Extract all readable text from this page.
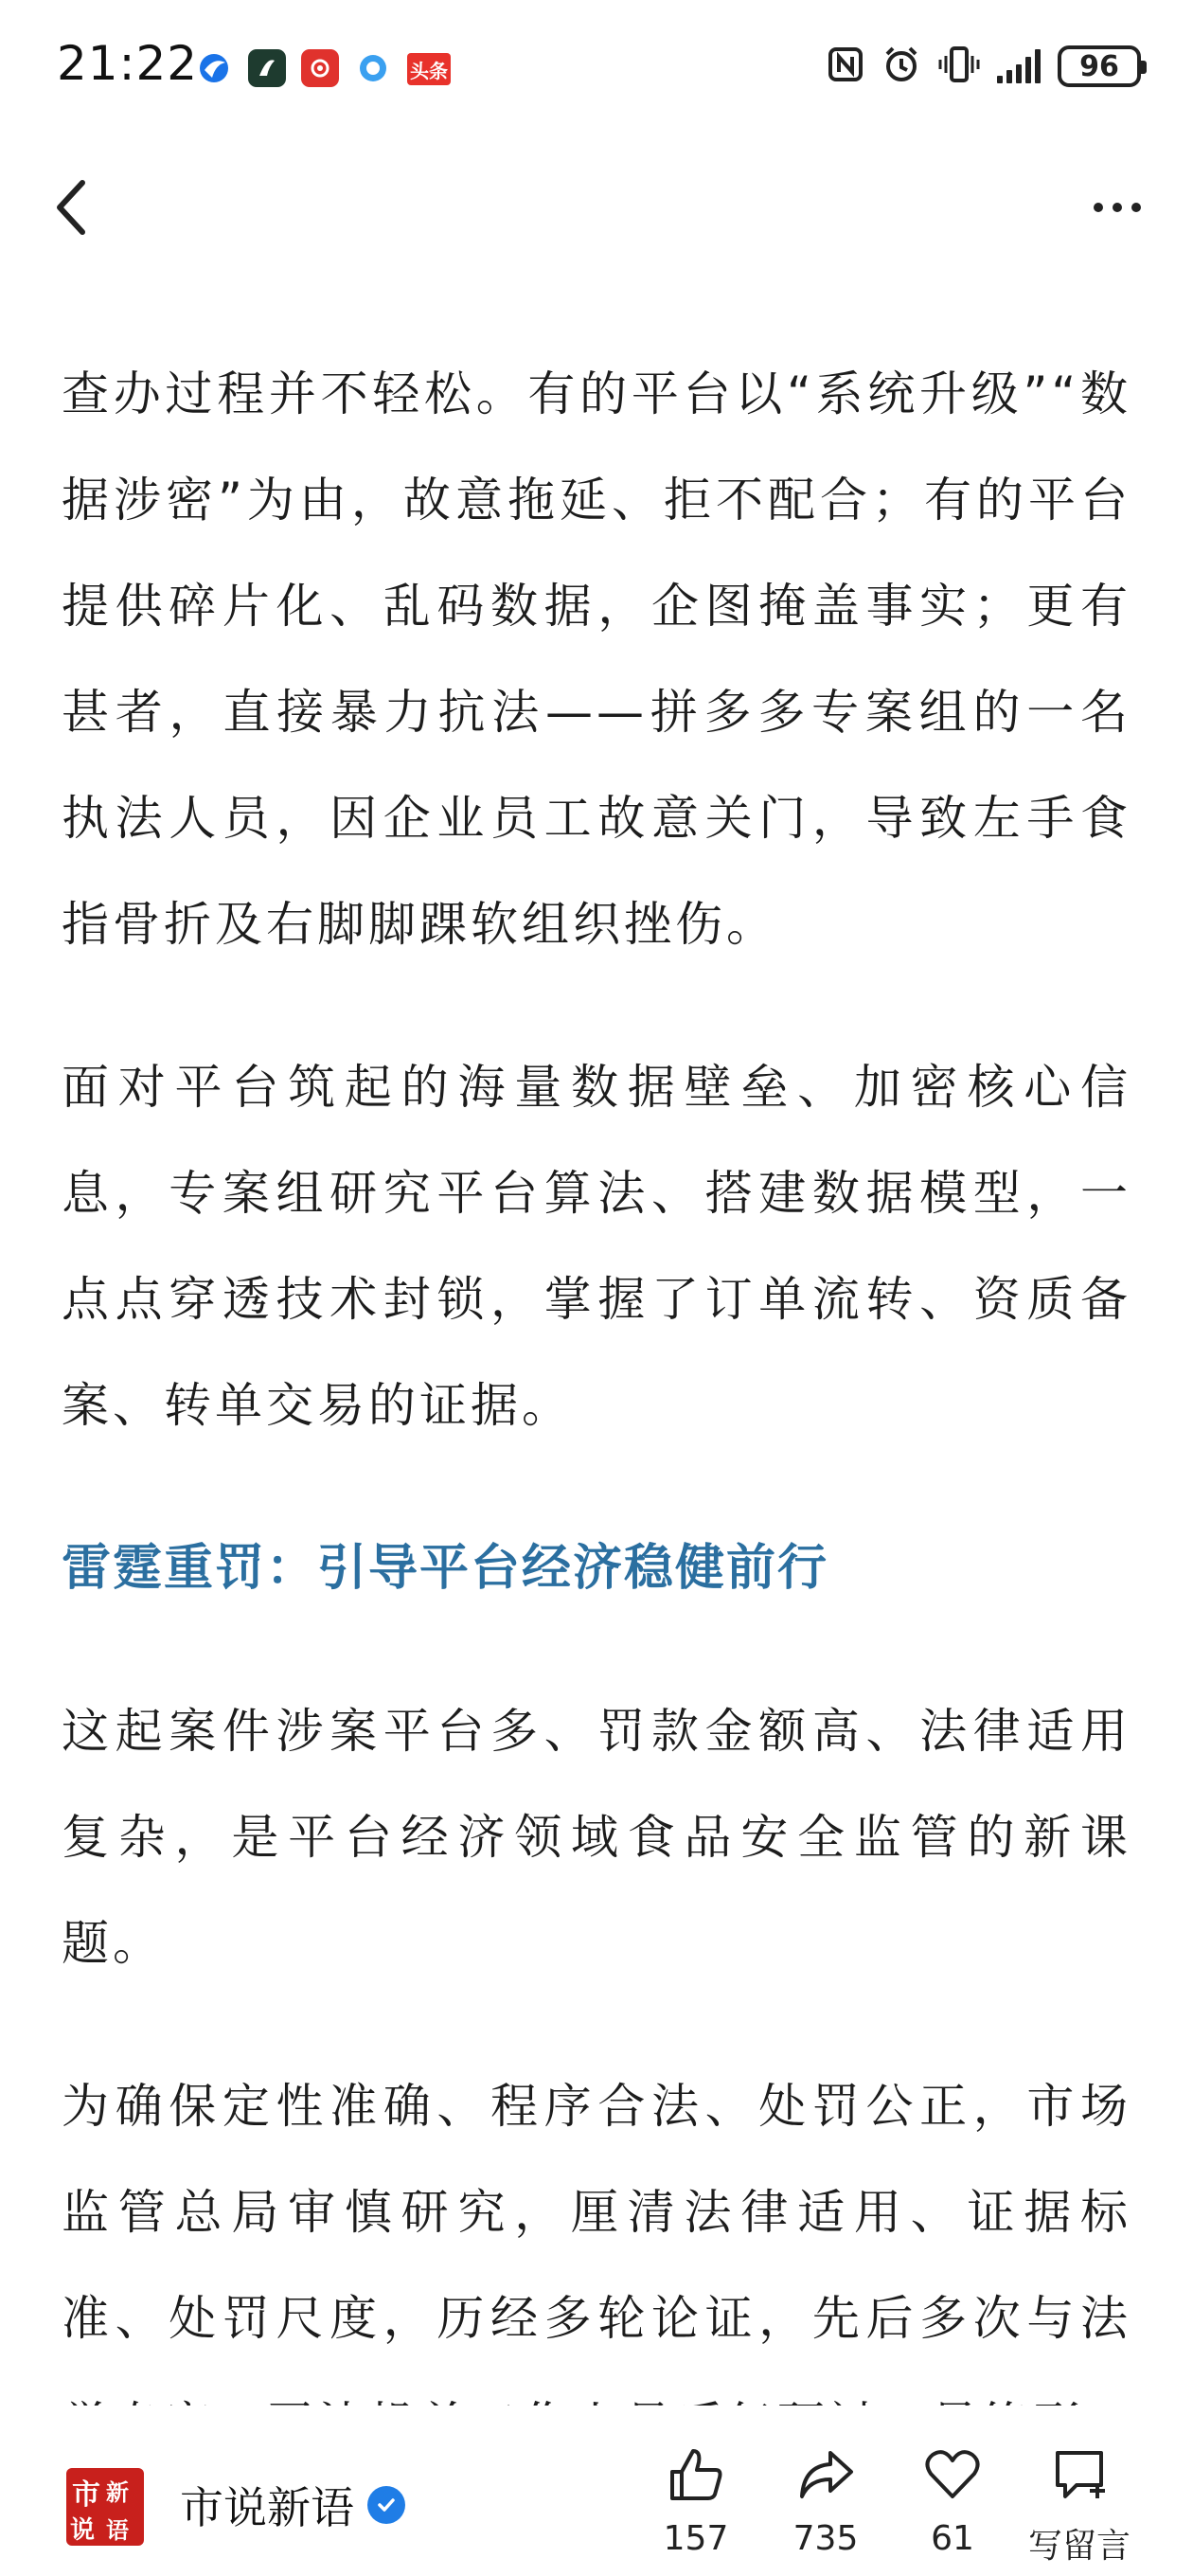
21:22	头条	96

查办过程并不轻松。有的平台以“系统升级”“数据涉密”为由，故意拖延、拒不配合；有的平台提供碎片化、乱码数据，企图掩盖事实；更有甚者，直接暴力抗法——拼多多专案组的一名执法人员，因企业员工故意关门，导致左手食指骨折及右脚脚踝软组织挫伤。

面对平台筑起的海量数据壁垒、加密核心信息，专案组研究平台算法、搭建数据模型，一点点穿透技术封锁，掌握了订单流转、资质备案、转单交易的证据。

雷霆重罚：引导平台经济稳健前行

这起案件涉案平台多、罚款金额高、法律适用复杂，是平台经济领域食品安全监管的新课题。

为确保定性准确、程序合法、处罚公正，市场监管总局审慎研究，厘清法律适用、证据标准、处罚尺度，历经多轮论证，先后多次与法

市 新
说 语 市说新语
157 735 61 写留言
